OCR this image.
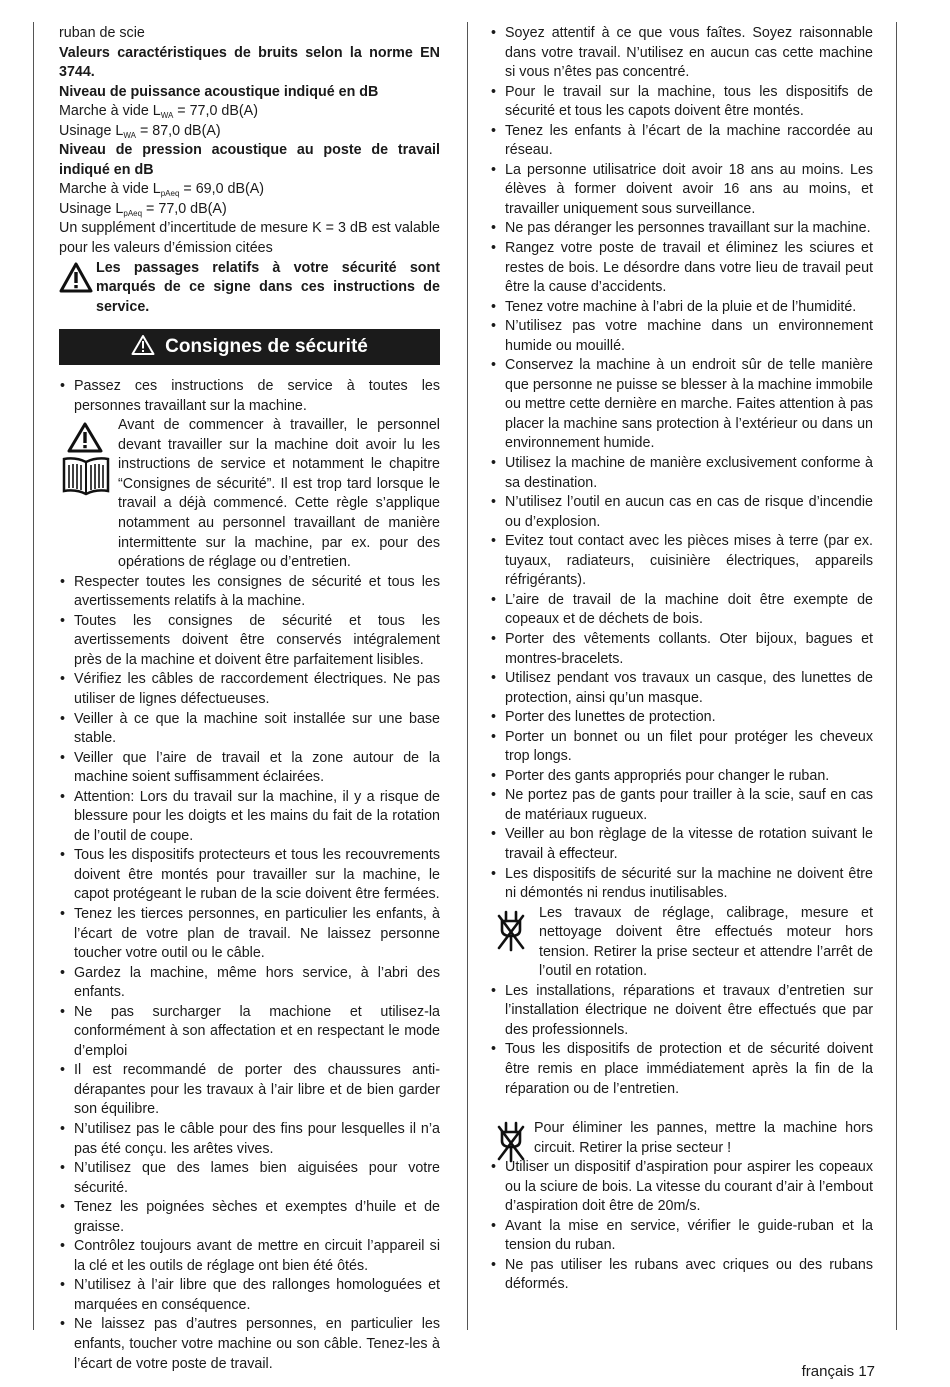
ruban de scie

Valeurs caractéristiques de bruits selon la norme EN 3744.

Niveau de puissance acoustique indiqué en dB

Marche à vide $L_{WA} = 77,0$ dB(A)

Usinage $L_{WA} = 87,0$ dB(A)

Niveau de pression acoustique au poste de travail indiqué en dB

Marche à vide $L_{pAeq} = 69,0$ dB(A)

Usinage $L_{pAeq} = 77,0$ dB(A)

Un supplément d’incertitude de mesure K = 3 dB est valable pour les valeurs d’émission citées

Les passages relatifs à votre sécurité sont marqués de ce signe dans ces instructions de service.

Consignes de sécurité
• Passez ces instructions de service à toutes les personnes travaillant sur la machine.

Avant de commencer à travailler, le personnel devant travailler sur la machine doit avoir lu les instructions de service et notamment le chapitre “Consignes de sécurité”. Il est trop tard lorsque le travail a déjà commencé. Cette règle s’applique notamment au personnel travaillant de manière intermittente sur la machine, par ex. pour des opérations de réglage ou d’entretien.

• Respecter toutes les consignes de sécurité et tous les avertissements relatifs à la machine.
• Toutes les consignes de sécurité et tous les avertissements doivent être conservés intégralement près de la machine et doivent être parfaitement lisibles.
• Vérifiez les câbles de raccordement électriques. Ne pas utiliser de lignes défectueuses.
• Veiller à ce que la machine soit installée sur une base stable.
• Veiller que l’aire de travail et la zone autour de la machine soient suffisamment éclairées.
• Attention: Lors du travail sur la machine, il y a risque de blessure pour les doigts et les mains du fait de la rotation de l’outil de coupe.
• Tous les dispositifs protecteurs et tous les recouvrements doivent être montés pour travailler sur la machine, le capot protégeant le ruban de la scie doivent être fermées.
• Tenez les tierces personnes, en particulier les enfants, à l’écart de votre plan de travail. Ne laissez personne toucher votre outil ou le câble.
• Gardez la machine, même hors service, à l’abri des enfants.
• Ne pas surcharger la machione et utilisez-la conformément à son affectation et en respectant le mode d’emploi
• Il est recommandé de porter des chaussures anti-dérapantes pour les travaux à l’air libre et de bien garder son équilibre.
• N’utilisez pas le câble pour des fins pour lesquelles il n’a pas été conçu. les arêtes vives.
• N’utilisez que des lames bien aiguisées pour votre sécurité.
• Tenez les poignées sèches et exemptes d’huile et de graisse.
• Contrôlez toujours avant de mettre en circuit l’appareil si la clé et les outils de réglage ont bien été ôtés.
• N’utilisez à l’air libre que des rallonges homologuées et marquées en conséquence.
• Ne laissez pas d’autres personnes, en particulier les enfants, toucher votre machine ou son câble. Tenez-les à l’écart de votre poste de travail.
• Soyez attentif à ce que vous faîtes. Soyez raisonnable dans votre travail. N’utilisez en aucun cas cette machine si vous n’êtes pas concentré.
• Pour le travail sur la machine, tous les dispositifs de sécurité et tous les capots doivent être montés.
• Tenez les enfants à l’écart de la machine raccordée au réseau.
• La personne utilisatrice doit avoir 18 ans au moins. Les élèves à former doivent avoir 16 ans au moins, et travailler uniquement sous surveillance.
• Ne pas déranger les personnes travaillant sur la machine.
• Rangez votre poste de travail et éliminez les sciures et restes de bois. Le désordre dans votre lieu de travail peut être la cause d’accidents.
• Tenez votre machine à l’abri de la pluie et de l’humidité.
• N’utilisez pas votre machine dans un environnement humide ou mouillé.
• Conservez la machine à un endroit sûr de telle manière que personne ne puisse se blesser à la machine immobile ou mettre cette dernière en marche. Faites attention à pas placer la machine sans protection à l’extérieur ou dans un environnement humide.
• Utilisez la machine de manière exclusivement conforme à sa destination.
• N’utilisez l’outil en aucun cas en cas de risque d’incendie ou d’explosion.
• Evitez tout contact avec les pièces mises à terre (par ex. tuyaux, radiateurs, cuisinière électriques, appareils réfrigérants).
• L’aire de travail de la machine doit être exempte de copeaux et de déchets de bois.
• Porter des vêtements collants. Oter bijoux, bagues et montres-bracelets.
• Utilisez pendant vos travaux un casque, des lunettes de protection, ainsi qu’un masque.
• Porter des lunettes de protection.
• Porter un bonnet ou un filet pour protéger les cheveux trop longs.
• Porter des gants appropriés pour changer le ruban.
• Ne portez pas de gants pour trailler à la scie, sauf en cas de matériaux rugueux.
• Veiller au bon règlage de la vitesse de rotation suivant le travail à effecteur.
• Les dispositifs de sécurité sur la machine ne doivent être ni démontés ni rendus inutilisables.

Les travaux de réglage, calibrage, mesure et nettoyage doivent être effectués moteur hors tension. Retirer la prise secteur et attendre l’arrêt de l’outil en rotation.

• Les installations, réparations et travaux d’entretien sur l’installation électrique ne doivent être effectués que par des professionnels.
• Tous les dispositifs de protection et de sécurité doivent être remis en place immédiatement après la fin de la réparation ou de l’entretien.

Pour éliminer les pannes, mettre la machine hors circuit. Retirer la prise secteur !

• Utiliser un dispositif d’aspiration pour aspirer les copeaux ou la sciure de bois. La vitesse du courant d’air à l’embout d’aspiration doit être de 20m/s.
• Avant la mise en service, vérifier le guide-ruban et la tension du ruban.
• Ne pas utiliser les rubans avec criques ou des rubans déformés.
français 17
